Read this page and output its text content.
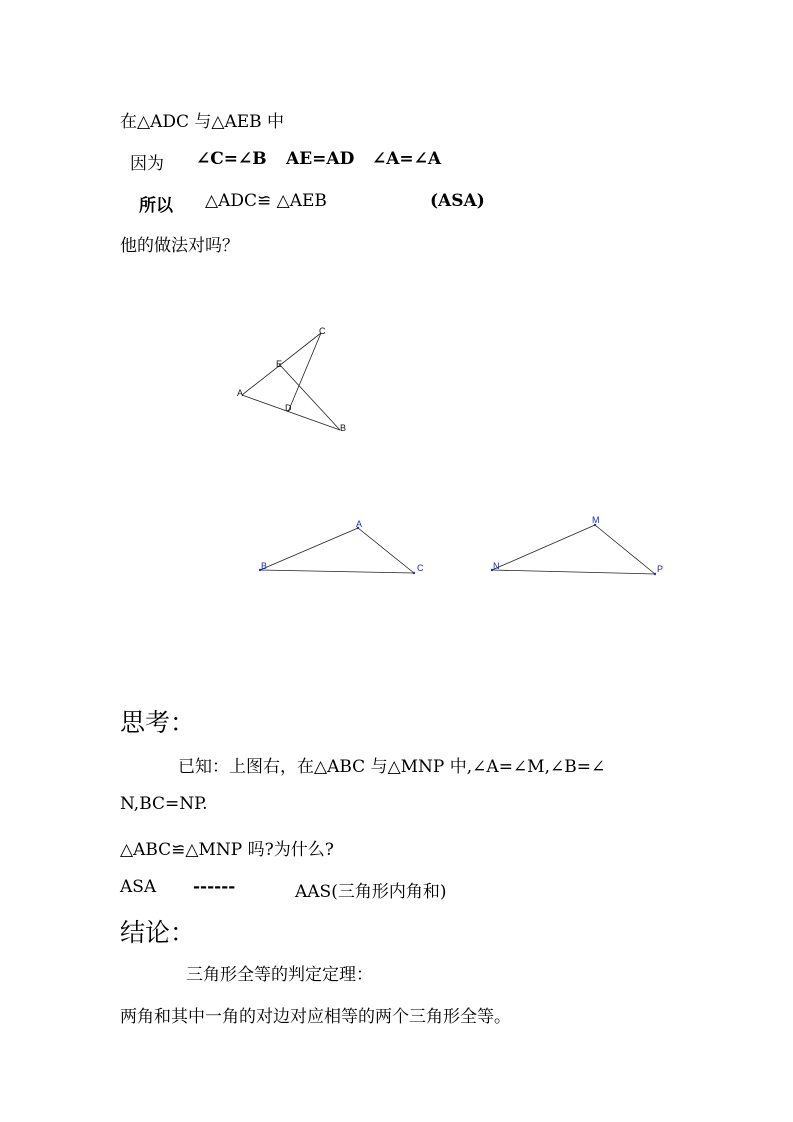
在△ADC 与△AEB 中
因为 ∠C=∠B AE=AD ∠A=∠A
所以 △ADC≌ △AEB	(ASA)
他的做法对吗？
C
E
A
D
B
A
B	C
M
N	P
思考：
已知：上图右，在△ABC 与△MNP 中,∠A=∠M,∠B=∠
N,BC=NP.
△ABC≌△MNP 吗?为什么?
ASA ------	AAS(三角形内角和)
结论：
三角形全等的判定定理：
两角和其中一角的对边对应相等的两个三角形全等。
